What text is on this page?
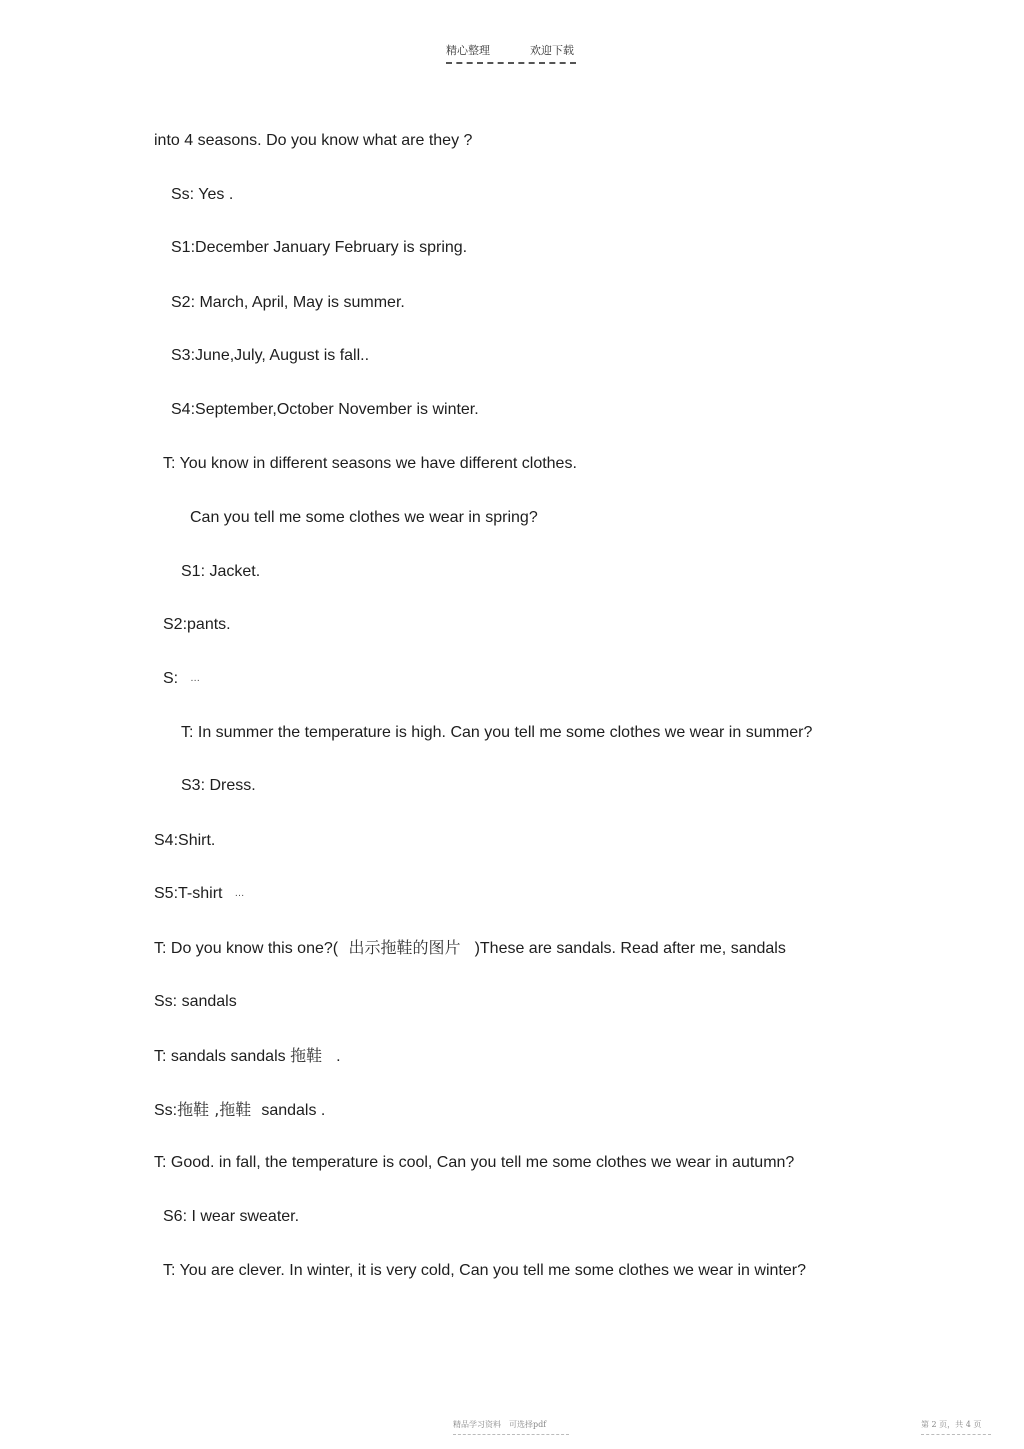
精心整理	欢迎下载
into 4 seasons. Do you know what are they ?
Ss: Yes .
S1:December January February is spring.
S2: March, April, May is summer.
S3:June,July, August is fall..
S4:September,October November is winter.
T: You know in different seasons we have different clothes.
Can you tell me some clothes we wear in spring?
S1: Jacket.
S2:pants.
S: …
T: In summer the temperature is high. Can you tell me some clothes we wear in summer?
S3: Dress.
S4:Shirt.
S5:T-shirt …
T: Do you know this one?( 出示拖鞋的图片 )These are sandals. Read after me, sandals
Ss: sandals
T: sandals sandals 拖鞋 .
Ss:拖鞋 ,拖鞋 sandals .
T: Good. in fall, the temperature is cool, Can you tell me some clothes we wear in autumn?
S6: I wear sweater.
T: You are clever. In winter, it is very cold, Can you tell me some clothes we wear in winter?
精品学习资料　可选择pdf	第 2 页，共 4 页
